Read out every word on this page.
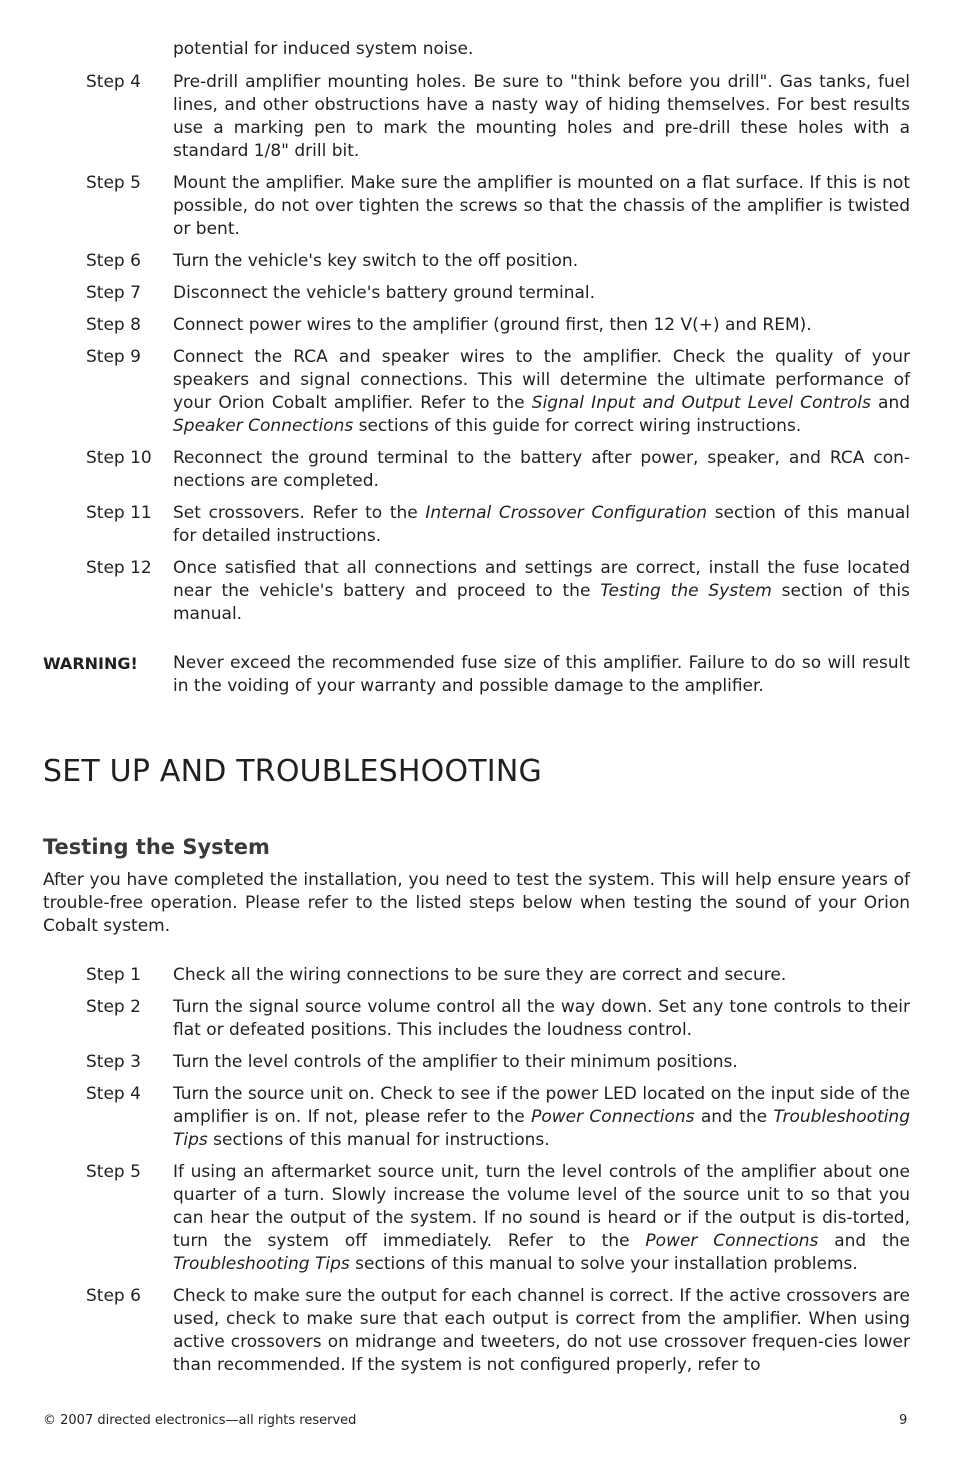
potential for induced system noise.
Step 4	Pre-drill amplifier mounting holes. Be sure to "think before you drill". Gas tanks, fuel lines, and other obstructions have a nasty way of hiding themselves. For best results use a marking pen to mark the mounting holes and pre-drill these holes with a standard 1/8" drill bit.
Step 5	Mount the amplifier. Make sure the amplifier is mounted on a flat surface. If this is not possible, do not over tighten the screws so that the chassis of the amplifier is twisted or bent.
Step 6	Turn the vehicle's key switch to the off position.
Step 7	Disconnect the vehicle's battery ground terminal.
Step 8	Connect power wires to the amplifier (ground first, then 12 V(+) and REM).
Step 9	Connect the RCA and speaker wires to the amplifier. Check the quality of your speakers and signal connections. This will determine the ultimate performance of your Orion Cobalt amplifier. Refer to the Signal Input and Output Level Controls and Speaker Connections sections of this guide for correct wiring instructions.
Step 10	Reconnect the ground terminal to the battery after power, speaker, and RCA con-nections are completed.
Step 11	Set crossovers. Refer to the Internal Crossover Configuration section of this manual for detailed instructions.
Step 12	Once satisfied that all connections and settings are correct, install the fuse located near the vehicle's battery and proceed to the Testing the System section of this manual.
WARNING! Never exceed the recommended fuse size of this amplifier. Failure to do so will result in the voiding of your warranty and possible damage to the amplifier.
SET UP AND TROUBLESHOOTING
Testing the System
After you have completed the installation, you need to test the system. This will help ensure years of trouble-free operation. Please refer to the listed steps below when testing the sound of your Orion Cobalt system.
Step 1	Check all the wiring connections to be sure they are correct and secure.
Step 2	Turn the signal source volume control all the way down. Set any tone controls to their flat or defeated positions. This includes the loudness control.
Step 3	Turn the level controls of the amplifier to their minimum positions.
Step 4	Turn the source unit on. Check to see if the power LED located on the input side of the amplifier is on. If not, please refer to the Power Connections and the Troubleshooting Tips sections of this manual for instructions.
Step 5	If using an aftermarket source unit, turn the level controls of the amplifier about one quarter of a turn. Slowly increase the volume level of the source unit to so that you can hear the output of the system. If no sound is heard or if the output is dis-torted, turn the system off immediately. Refer to the Power Connections and the Troubleshooting Tips sections of this manual to solve your installation problems.
Step 6	Check to make sure the output for each channel is correct. If the active crossovers are used, check to make sure that each output is correct from the amplifier. When using active crossovers on midrange and tweeters, do not use crossover frequen-cies lower than recommended. If the system is not configured properly, refer to
© 2007 directed electronics—all rights reserved	9
